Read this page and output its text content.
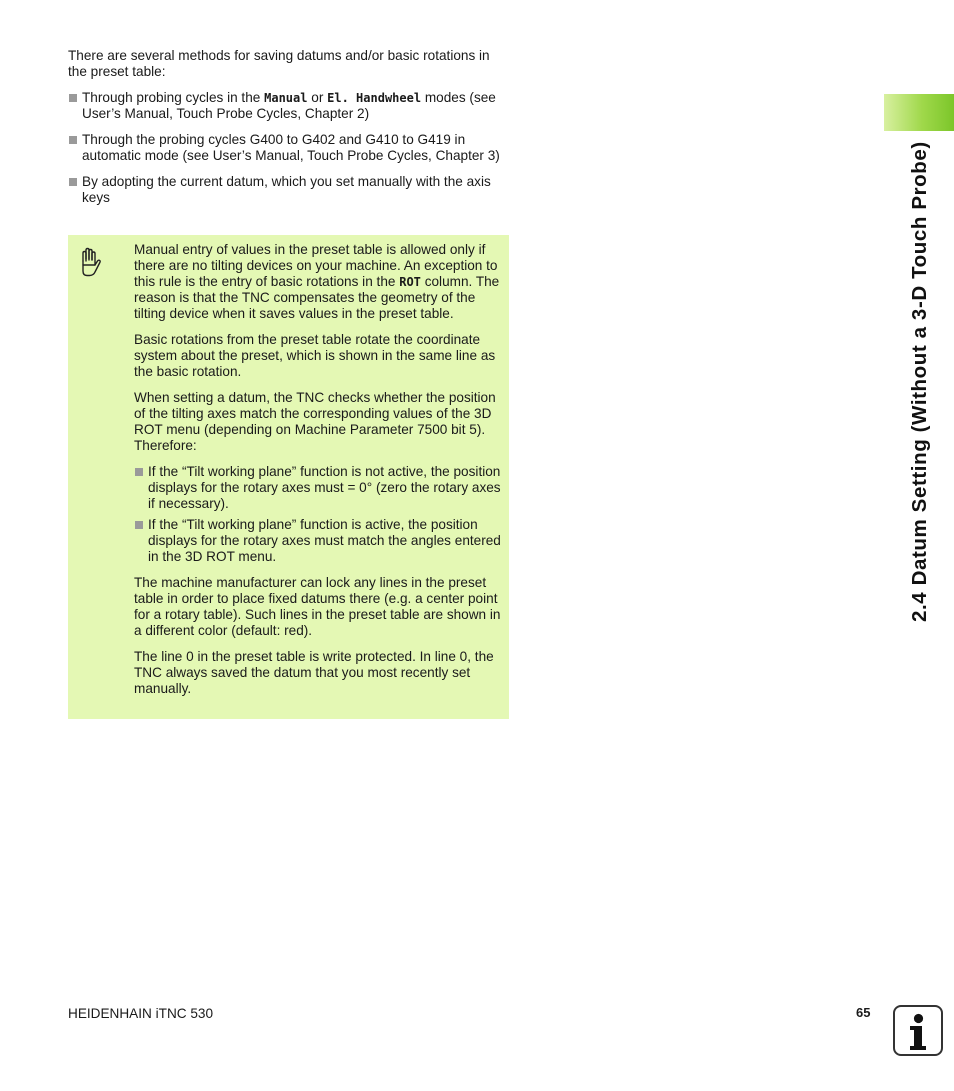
There are several methods for saving datums and/or basic rotations in the preset table:

Through probing cycles in the Manual or El. Handwheel modes (see User’s Manual, Touch Probe Cycles, Chapter 2)
Through the probing cycles G400 to G402 and G410 to G419 in automatic mode (see User’s Manual, Touch Probe Cycles, Chapter 3)
By adopting the current datum, which you set manually with the axis keys

Manual entry of values in the preset table is allowed only if there are no tilting devices on your machine. An exception to this rule is the entry of basic rotations in the ROT column. The reason is that the TNC compensates the geometry of the tilting device when it saves values in the preset table.

Basic rotations from the preset table rotate the coordinate system about the preset, which is shown in the same line as the basic rotation.

When setting a datum, the TNC checks whether the position of the tilting axes match the corresponding values of the 3D ROT menu (depending on Machine Parameter 7500 bit 5). Therefore:

If the “Tilt working plane” function is not active, the position displays for the rotary axes must = 0° (zero the rotary axes if necessary).
If the “Tilt working plane” function is active, the position displays for the rotary axes must match the angles entered in the 3D ROT menu.

The machine manufacturer can lock any lines in the preset table in order to place fixed datums there (e.g. a center point for a rotary table). Such lines in the preset table are shown in a different color (default: red).

The line 0 in the preset table is write protected. In line 0, the TNC always saved the datum that you most recently set manually.

2.4 Datum Setting (Without a 3-D Touch Probe)
HEIDENHAIN iTNC 530	65
